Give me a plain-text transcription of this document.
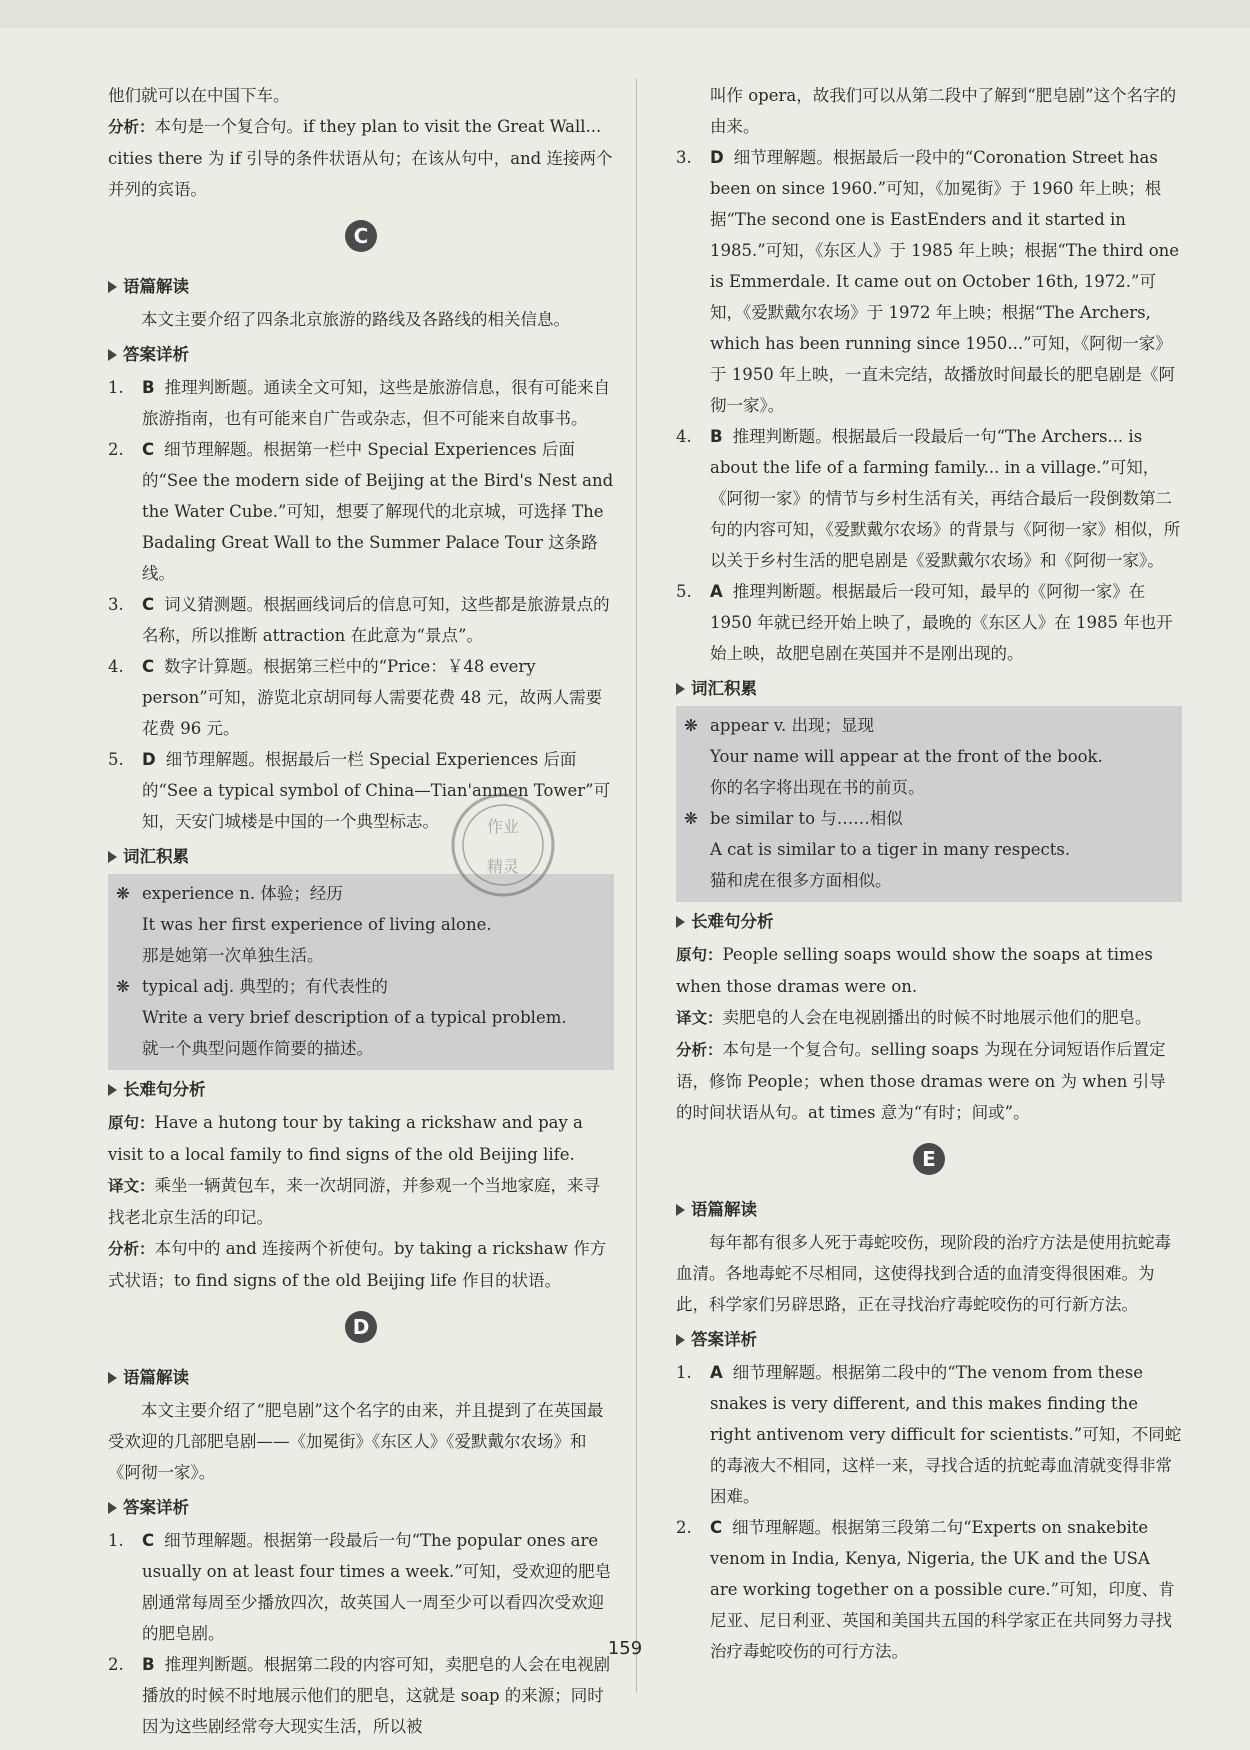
他们就可以在中国下车。

分析：本句是一个复合句。if they plan to visit the Great Wall... cities there 为 if 引导的条件状语从句；在该从句中，and 连接两个并列的宾语。

C
语篇解读

本文主要介绍了四条北京旅游的路线及各路线的相关信息。

答案详析
1.	B 推理判断题。通读全文可知，这些是旅游信息，很有可能来自旅游指南，也有可能来自广告或杂志，但不可能来自故事书。
2.	C 细节理解题。根据第一栏中 Special Experiences 后面的“See the modern side of Beijing at the Bird's Nest and the Water Cube.”可知，想要了解现代的北京城，可选择 The Badaling Great Wall to the Summer Palace Tour 这条路线。
3.	C 词义猜测题。根据画线词后的信息可知，这些都是旅游景点的名称，所以推断 attraction 在此意为“景点”。
4.	C 数字计算题。根据第三栏中的“Price：￥48 every person”可知，游览北京胡同每人需要花费 48 元，故两人需要花费 96 元。
5.	D 细节理解题。根据最后一栏 Special Experiences 后面的“See a typical symbol of China—Tian'anmen Tower”可知，天安门城楼是中国的一个典型标志。
词汇积累
❋ experience n. 体验；经历
It was her first experience of living alone.
那是她第一次单独生活。
❋ typical adj. 典型的；有代表性的
Write a very brief description of a typical problem.
就一个典型问题作简要的描述。
长难句分析

原句：Have a hutong tour by taking a rickshaw and pay a visit to a local family to find signs of the old Beijing life.

译文：乘坐一辆黄包车，来一次胡同游，并参观一个当地家庭，来寻找老北京生活的印记。

分析：本句中的 and 连接两个祈使句。by taking a rickshaw 作方式状语；to find signs of the old Beijing life 作目的状语。

D
语篇解读

本文主要介绍了“肥皂剧”这个名字的由来，并且提到了在英国最受欢迎的几部肥皂剧——《加冕街》《东区人》《爱默戴尔农场》和《阿彻一家》。

答案详析
1.	C 细节理解题。根据第一段最后一句“The popular ones are usually on at least four times a week.”可知，受欢迎的肥皂剧通常每周至少播放四次，故英国人一周至少可以看四次受欢迎的肥皂剧。
2.	B 推理判断题。根据第二段的内容可知，卖肥皂的人会在电视剧播放的时候不时地展示他们的肥皂，这就是 soap 的来源；同时因为这些剧经常夸大现实生活，所以被
作业
精灵

叫作 opera，故我们可以从第二段中了解到“肥皂剧”这个名字的由来。

3.	D 细节理解题。根据最后一段中的“Coronation Street has been on since 1960.”可知，《加冕街》于 1960 年上映；根据“The second one is EastEnders and it started in 1985.”可知，《东区人》于 1985 年上映；根据“The third one is Emmerdale. It came out on October 16th, 1972.”可知，《爱默戴尔农场》于 1972 年上映；根据“The Archers, which has been running since 1950...”可知，《阿彻一家》于 1950 年上映，一直未完结，故播放时间最长的肥皂剧是《阿彻一家》。
4.	B 推理判断题。根据最后一段最后一句“The Archers... is about the life of a farming family... in a village.”可知，《阿彻一家》的情节与乡村生活有关，再结合最后一段倒数第二句的内容可知，《爱默戴尔农场》的背景与《阿彻一家》相似，所以关于乡村生活的肥皂剧是《爱默戴尔农场》和《阿彻一家》。
5.	A 推理判断题。根据最后一段可知，最早的《阿彻一家》在 1950 年就已经开始上映了，最晚的《东区人》在 1985 年也开始上映，故肥皂剧在英国并不是刚出现的。
词汇积累
❋ appear v. 出现；显现
Your name will appear at the front of the book.
你的名字将出现在书的前页。
❋ be similar to 与……相似
A cat is similar to a tiger in many respects.
猫和虎在很多方面相似。
长难句分析

原句：People selling soaps would show the soaps at times when those dramas were on.

译文：卖肥皂的人会在电视剧播出的时候不时地展示他们的肥皂。

分析：本句是一个复合句。selling soaps 为现在分词短语作后置定语，修饰 People；when those dramas were on 为 when 引导的时间状语从句。at times 意为“有时；间或”。

E
语篇解读

每年都有很多人死于毒蛇咬伤，现阶段的治疗方法是使用抗蛇毒血清。各地毒蛇不尽相同，这使得找到合适的血清变得很困难。为此，科学家们另辟思路，正在寻找治疗毒蛇咬伤的可行新方法。

答案详析
1.	A 细节理解题。根据第二段中的“The venom from these snakes is very different, and this makes finding the right antivenom very difficult for scientists.”可知，不同蛇的毒液大不相同，这样一来，寻找合适的抗蛇毒血清就变得非常困难。
2.	C 细节理解题。根据第三段第二句“Experts on snakebite venom in India, Kenya, Nigeria, the UK and the USA are working together on a possible cure.”可知，印度、肯尼亚、尼日利亚、英国和美国共五国的科学家正在共同努力寻找治疗毒蛇咬伤的可行方法。
159
